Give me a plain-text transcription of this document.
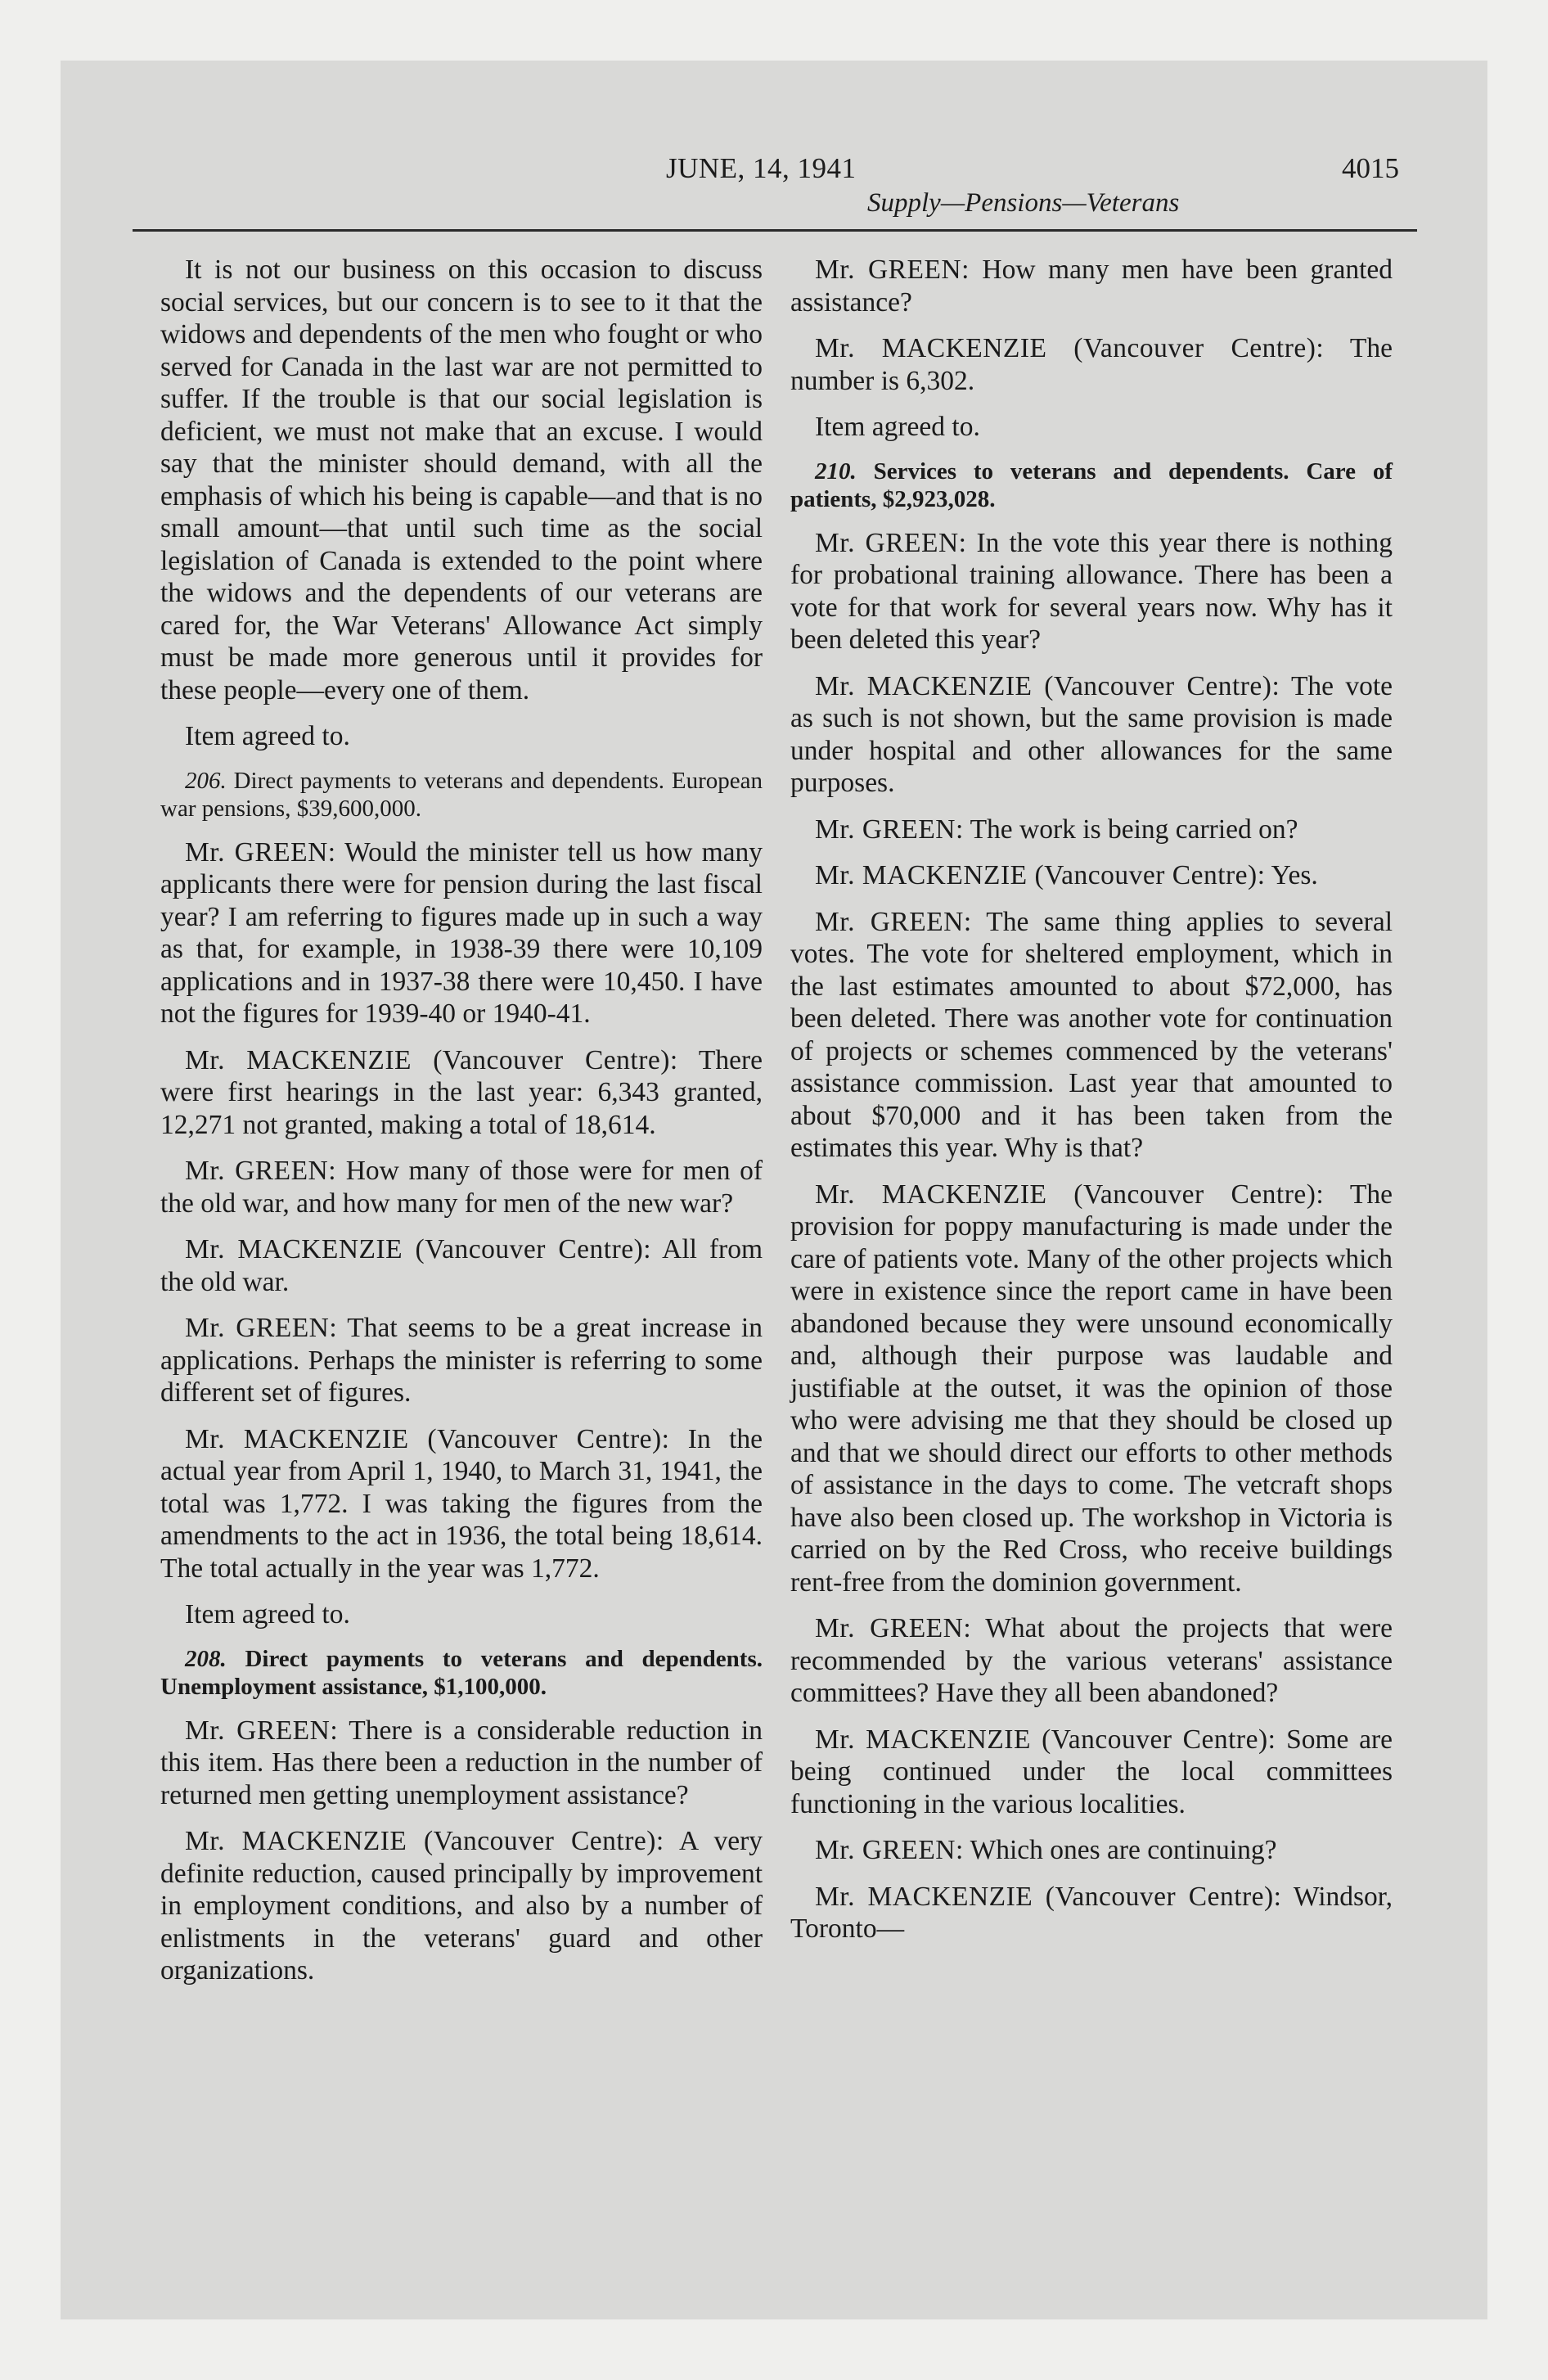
JUNE, 14, 1941	4015
Supply—Pensions—Veterans

It is not our business on this occasion to discuss social services, but our concern is to see to it that the widows and dependents of the men who fought or who served for Canada in the last war are not permitted to suffer. If the trouble is that our social legislation is deficient, we must not make that an excuse. I would say that the minister should demand, with all the emphasis of which his being is capable—and that is no small amount—that until such time as the social legislation of Canada is extended to the point where the widows and the dependents of our veterans are cared for, the War Veterans' Allowance Act simply must be made more generous until it provides for these people—every one of them.

Item agreed to.

206. Direct payments to veterans and dependents. European war pensions, $39,600,000.

Mr. GREEN: Would the minister tell us how many applicants there were for pension during the last fiscal year? I am referring to figures made up in such a way as that, for example, in 1938-39 there were 10,109 applications and in 1937-38 there were 10,450. I have not the figures for 1939-40 or 1940-41.

Mr. MACKENZIE (Vancouver Centre): There were first hearings in the last year: 6,343 granted, 12,271 not granted, making a total of 18,614.

Mr. GREEN: How many of those were for men of the old war, and how many for men of the new war?

Mr. MACKENZIE (Vancouver Centre): All from the old war.

Mr. GREEN: That seems to be a great increase in applications. Perhaps the minister is referring to some different set of figures.

Mr. MACKENZIE (Vancouver Centre): In the actual year from April 1, 1940, to March 31, 1941, the total was 1,772. I was taking the figures from the amendments to the act in 1936, the total being 18,614. The total actually in the year was 1,772.

Item agreed to.

208. Direct payments to veterans and dependents. Unemployment assistance, $1,100,000.

Mr. GREEN: There is a considerable reduction in this item. Has there been a reduction in the number of returned men getting unemployment assistance?

Mr. MACKENZIE (Vancouver Centre): A very definite reduction, caused principally by improvement in employment conditions, and also by a number of enlistments in the veterans' guard and other organizations.

Mr. GREEN: How many men have been granted assistance?

Mr. MACKENZIE (Vancouver Centre): The number is 6,302.

Item agreed to.

210. Services to veterans and dependents. Care of patients, $2,923,028.

Mr. GREEN: In the vote this year there is nothing for probational training allowance. There has been a vote for that work for several years now. Why has it been deleted this year?

Mr. MACKENZIE (Vancouver Centre): The vote as such is not shown, but the same provision is made under hospital and other allowances for the same purposes.

Mr. GREEN: The work is being carried on?

Mr. MACKENZIE (Vancouver Centre): Yes.

Mr. GREEN: The same thing applies to several votes. The vote for sheltered employment, which in the last estimates amounted to about $72,000, has been deleted. There was another vote for continuation of projects or schemes commenced by the veterans' assistance commission. Last year that amounted to about $70,000 and it has been taken from the estimates this year. Why is that?

Mr. MACKENZIE (Vancouver Centre): The provision for poppy manufacturing is made under the care of patients vote. Many of the other projects which were in existence since the report came in have been abandoned because they were unsound economically and, although their purpose was laudable and justifiable at the outset, it was the opinion of those who were advising me that they should be closed up and that we should direct our efforts to other methods of assistance in the days to come. The vetcraft shops have also been closed up. The workshop in Victoria is carried on by the Red Cross, who receive buildings rent-free from the dominion government.

Mr. GREEN: What about the projects that were recommended by the various veterans' assistance committees? Have they all been abandoned?

Mr. MACKENZIE (Vancouver Centre): Some are being continued under the local committees functioning in the various localities.

Mr. GREEN: Which ones are continuing?

Mr. MACKENZIE (Vancouver Centre): Windsor, Toronto—
